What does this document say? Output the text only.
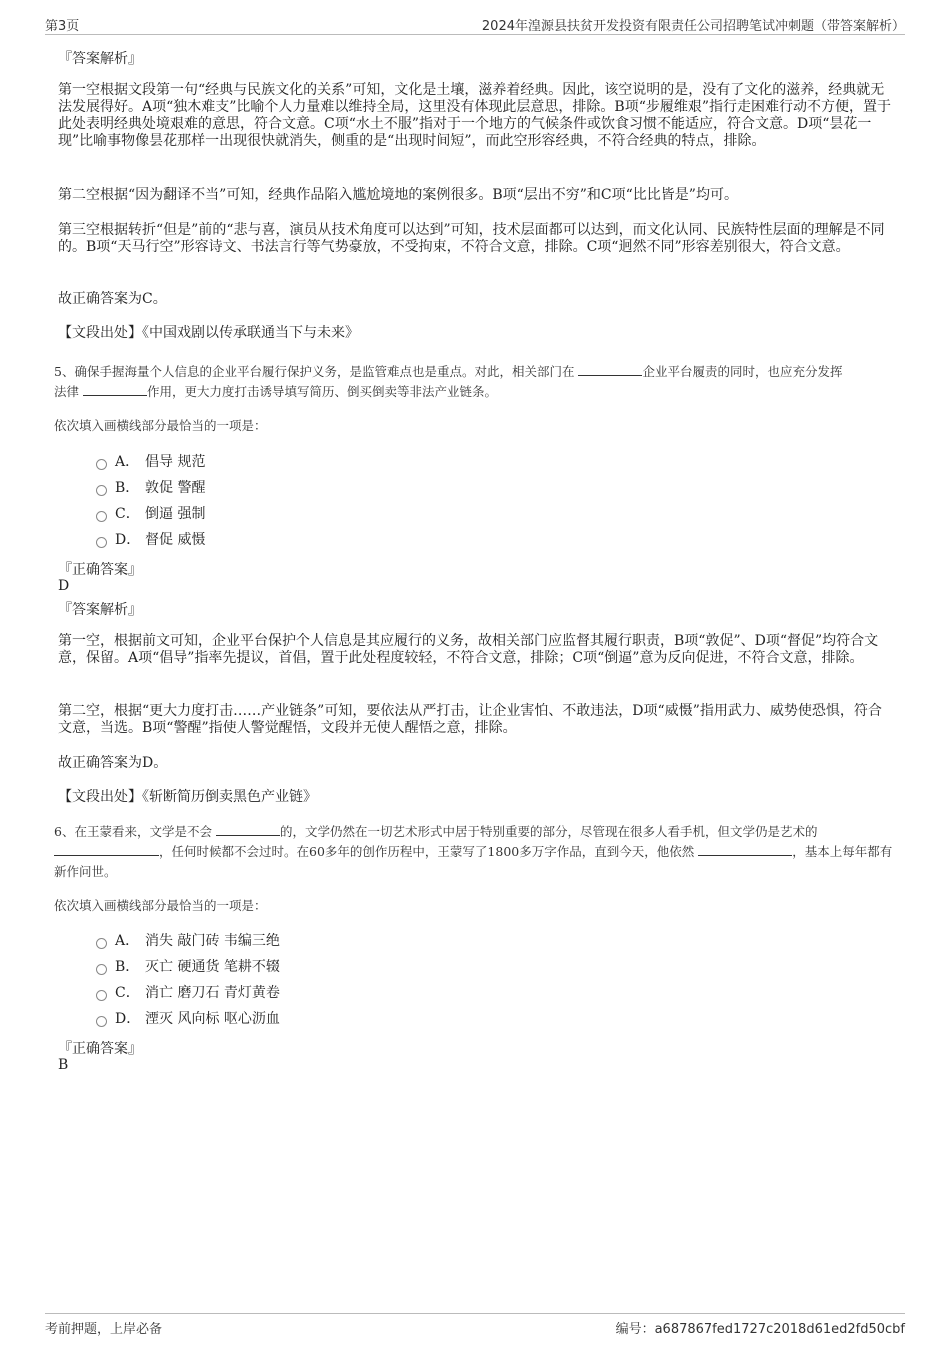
第3页	2024年湟源县扶贫开发投资有限责任公司招聘笔试冲刺题（带答案解析）
『答案解析』
第一空根据文段第一句“经典与民族文化的关系”可知，文化是土壤，滋养着经典。因此，该空说明的是，没有了文化的滋养，经典就无法发展得好。A项“独木难支”比喻个人力量难以维持全局，这里没有体现此层意思，排除。B项“步履维艰”指行走困难行动不方便，置于此处表明经典处境艰难的意思，符合文意。C项“水土不服”指对于一个地方的气候条件或饮食习惯不能适应，符合文意。D项“昙花一现”比喻事物像昙花那样一出现很快就消失，侧重的是“出现时间短”，而此空形容经典，不符合经典的特点，排除。
第二空根据“因为翻译不当”可知，经典作品陷入尴尬境地的案例很多。B项“层出不穷”和C项“比比皆是”均可。
第三空根据转折“但是”前的“悲与喜，演员从技术角度可以达到”可知，技术层面都可以达到，而文化认同、民族特性层面的理解是不同的。B项“天马行空”形容诗文、书法言行等气势豪放，不受拘束，不符合文意，排除。C项“迥然不同”形容差别很大，符合文意。
故正确答案为C。
【文段出处】《中国戏剧以传承联通当下与未来》
5、确保手握海量个人信息的企业平台履行保护义务，是监管难点也是重点。对此，相关部门在	企业平台履责的同时，也应充分发挥
法律	作用，更大力度打击诱导填写简历、倒买倒卖等非法产业链条。
依次填入画横线部分最恰当的一项是：
A． 倡导 规范
B． 敦促 警醒
C． 倒逼 强制
D． 督促 威慑
『正确答案』
D
『答案解析』
第一空，根据前文可知，企业平台保护个人信息是其应履行的义务，故相关部门应监督其履行职责，B项“敦促”、D项“督促”均符合文意，保留。A项“倡导”指率先提议，首倡，置于此处程度较轻，不符合文意，排除；C项“倒逼”意为反向促进，不符合文意，排除。
第二空，根据“更大力度打击……产业链条”可知，要依法从严打击，让企业害怕、不敢违法，D项“威慑”指用武力、威势使恐惧，符合文意，当选。B项“警醒”指使人警觉醒悟，文段并无使人醒悟之意，排除。
故正确答案为D。
【文段出处】《斩断简历倒卖黑色产业链》
6、在王蒙看来，文学是不会	的，文学仍然在一切艺术形式中居于特别重要的部分，尽管现在很多人看手机，但文学仍是艺术的
，任何时候都不会过时。在60多年的创作历程中，王蒙写了1800多万字作品，直到今天，他依然	，基本上每年都有新作问世。
依次填入画横线部分最恰当的一项是：
A． 消失 敲门砖 韦编三绝
B． 灭亡 硬通货 笔耕不辍
C． 消亡 磨刀石 青灯黄卷
D． 湮灭 风向标 呕心沥血
『正确答案』
B
考前押题，上岸必备	编号：a687867fed1727c2018d61ed2fd50cbf
